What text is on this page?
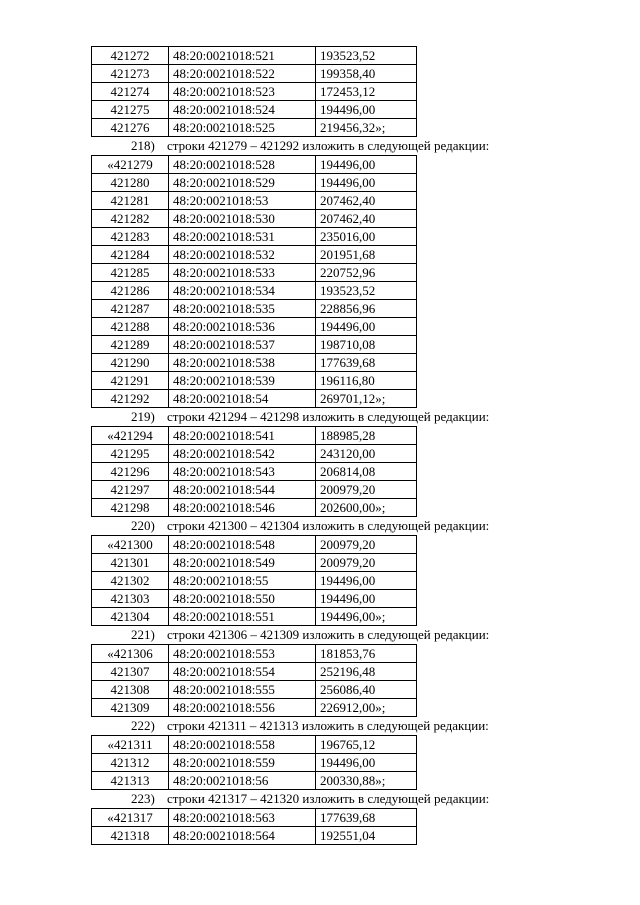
421272	48:20:0021018:521	193523,52
421273	48:20:0021018:522	199358,40
421274	48:20:0021018:523	172453,12
421275	48:20:0021018:524	194496,00
421276	48:20:0021018:525	219456,32»;
218) строки 421279 – 421292 изложить в следующей редакции:
«421279	48:20:0021018:528	194496,00
421280	48:20:0021018:529	194496,00
421281	48:20:0021018:53	207462,40
421282	48:20:0021018:530	207462,40
421283	48:20:0021018:531	235016,00
421284	48:20:0021018:532	201951,68
421285	48:20:0021018:533	220752,96
421286	48:20:0021018:534	193523,52
421287	48:20:0021018:535	228856,96
421288	48:20:0021018:536	194496,00
421289	48:20:0021018:537	198710,08
421290	48:20:0021018:538	177639,68
421291	48:20:0021018:539	196116,80
421292	48:20:0021018:54	269701,12»;
219) строки 421294 – 421298 изложить в следующей редакции:
«421294	48:20:0021018:541	188985,28
421295	48:20:0021018:542	243120,00
421296	48:20:0021018:543	206814,08
421297	48:20:0021018:544	200979,20
421298	48:20:0021018:546	202600,00»;
220) строки 421300 – 421304 изложить в следующей редакции:
«421300	48:20:0021018:548	200979,20
421301	48:20:0021018:549	200979,20
421302	48:20:0021018:55	194496,00
421303	48:20:0021018:550	194496,00
421304	48:20:0021018:551	194496,00»;
221) строки 421306 – 421309 изложить в следующей редакции:
«421306	48:20:0021018:553	181853,76
421307	48:20:0021018:554	252196,48
421308	48:20:0021018:555	256086,40
421309	48:20:0021018:556	226912,00»;
222) строки 421311 – 421313 изложить в следующей редакции:
«421311	48:20:0021018:558	196765,12
421312	48:20:0021018:559	194496,00
421313	48:20:0021018:56	200330,88»;
223) строки 421317 – 421320 изложить в следующей редакции:
«421317	48:20:0021018:563	177639,68
421318	48:20:0021018:564	192551,04
